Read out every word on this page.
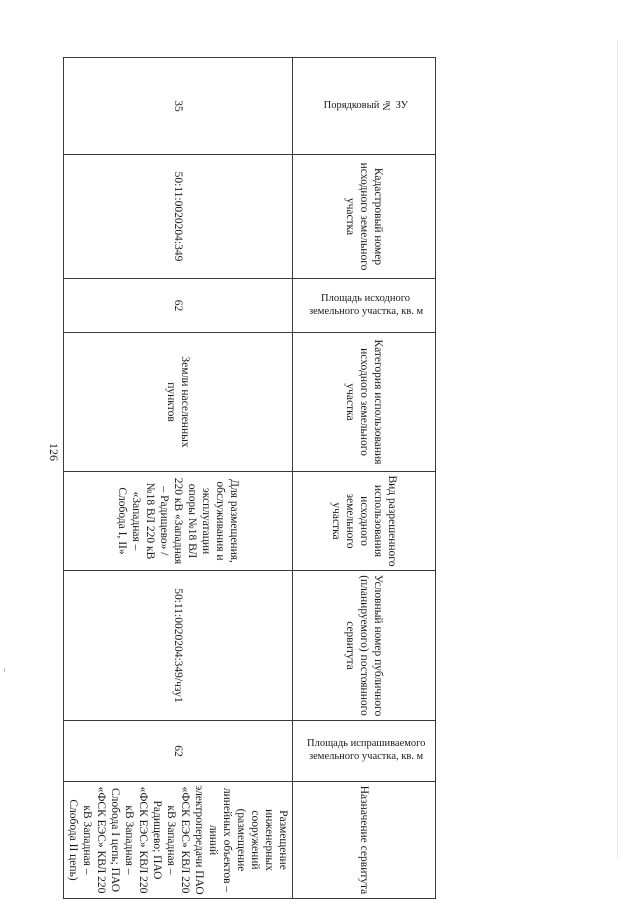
126
Порядковый № ЗУ	Кадастровый номер исходного земельного участка	Площадь исходного земельного участка, кв. м	Категория использования исходного земельного участка	Вид разрешенного использования исходного земельного участка	Условный номер публичного (планируемого) постоянного сервитута	Площадь испрашиваемого земельного участка, кв. м	Назначение сервитута
35	50:11:0020204:349	62	Земли населенных пунктов	Для размещения, обслуживания и эксплуатации опоры №18 ВЛ 220 кВ «Западная – Радищево» / №18 ВЛ 220 кВ «Западная – Слобода I, II»	50:11:0020204:349/чзу1	62	Размещение инженерных сооружений (размещение линейных объектов – линий электропередачи ПАО «ФСК ЕЭС» КВЛ 220 кВ Западная – Радищево; ПАО «ФСК ЕЭС» КВЛ 220 кВ Западная – Слобода I цепь; ПАО «ФСК ЕЭС» КВЛ 220 кВ Западная – Слобода II цепь)
